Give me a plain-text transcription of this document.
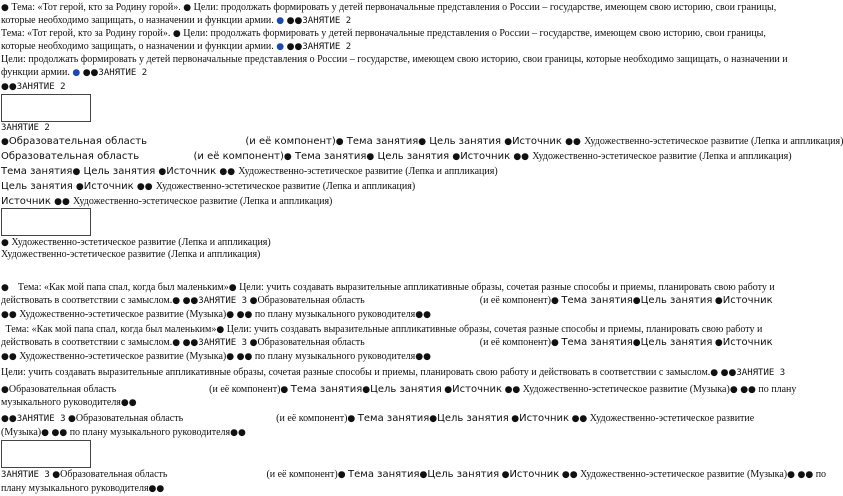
● Тема: «Тот герой, кто за Родину горой». ● Цели: продолжать формировать у детей первоначальные представления о России – государстве, имеющем свою историю, свои границы,
которые необходимо защищать, о назначении и функции армии. ● ●●ЗАНЯТИЕ 2
Тема: «Тот герой, кто за Родину горой». ● Цели: продолжать формировать у детей первоначальные представления о России – государстве, имеющем свою историю, свои границы,
которые необходимо защищать, о назначении и функции армии. ● ●●ЗАНЯТИЕ 2
Цели: продолжать формировать у детей первоначальные представления о России – государстве, имеющем свою историю, свои границы, которые необходимо защищать, о назначении и
функции армии. ● ●●ЗАНЯТИЕ 2
●●ЗАНЯТИЕ 2
ЗАНЯТИЕ 2
●Образовательная область	(и её компонент)● Тема занятия● Цель занятия ●Источник ●● Художественно-эстетическое развитие (Лепка и аппликация)
Образовательная область	(и её компонент)● Тема занятия● Цель занятия ●Источник ●● Художественно-эстетическое развитие (Лепка и аппликация)
Тема занятия● Цель занятия ●Источник ●● Художественно-эстетическое развитие (Лепка и аппликация)
Цель занятия ●Источник ●● Художественно-эстетическое развитие (Лепка и аппликация)
Источник ●● Художественно-эстетическое развитие (Лепка и аппликация)
● Художественно-эстетическое развитие (Лепка и аппликация)
Художественно-эстетическое развитие (Лепка и аппликация)
● Тема: «Как мой папа спал, когда был маленьким»● Цели: учить создавать выразительные аппликативные образы, сочетая разные способы и приемы, планировать свою работу и
действовать в соответствии с замыслом.● ●●ЗАНЯТИЕ 3 ●Образовательная область	(и её компонент)● Тема занятия●Цель занятия ●Источник
●● Художественно-эстетическое развитие (Музыка)● ●● по плану музыкального руководителя●●
Тема: «Как мой папа спал, когда был маленьким»● Цели: учить создавать выразительные аппликативные образы, сочетая разные способы и приемы, планировать свою работу и
действовать в соответствии с замыслом.● ●●ЗАНЯТИЕ 3 ●Образовательная область	(и её компонент)● Тема занятия●Цель занятия ●Источник
●● Художественно-эстетическое развитие (Музыка)● ●● по плану музыкального руководителя●●
Цели: учить создавать выразительные аппликативные образы, сочетая разные способы и приемы, планировать свою работу и действовать в соответствии с замыслом.● ●●ЗАНЯТИЕ 3
●Образовательная область	(и её компонент)● Тема занятия●Цель занятия ●Источник ●● Художественно-эстетическое развитие (Музыка)● ●● по плану
музыкального руководителя●●
●●ЗАНЯТИЕ 3 ●Образовательная область	(и её компонент)● Тема занятия●Цель занятия ●Источник ●● Художественно-эстетическое развитие
(Музыка)● ●● по плану музыкального руководителя●●
ЗАНЯТИЕ 3 ●Образовательная область	(и её компонент)● Тема занятия●Цель занятия ●Источник ●● Художественно-эстетическое развитие (Музыка)● ●● по
плану музыкального руководителя●●
